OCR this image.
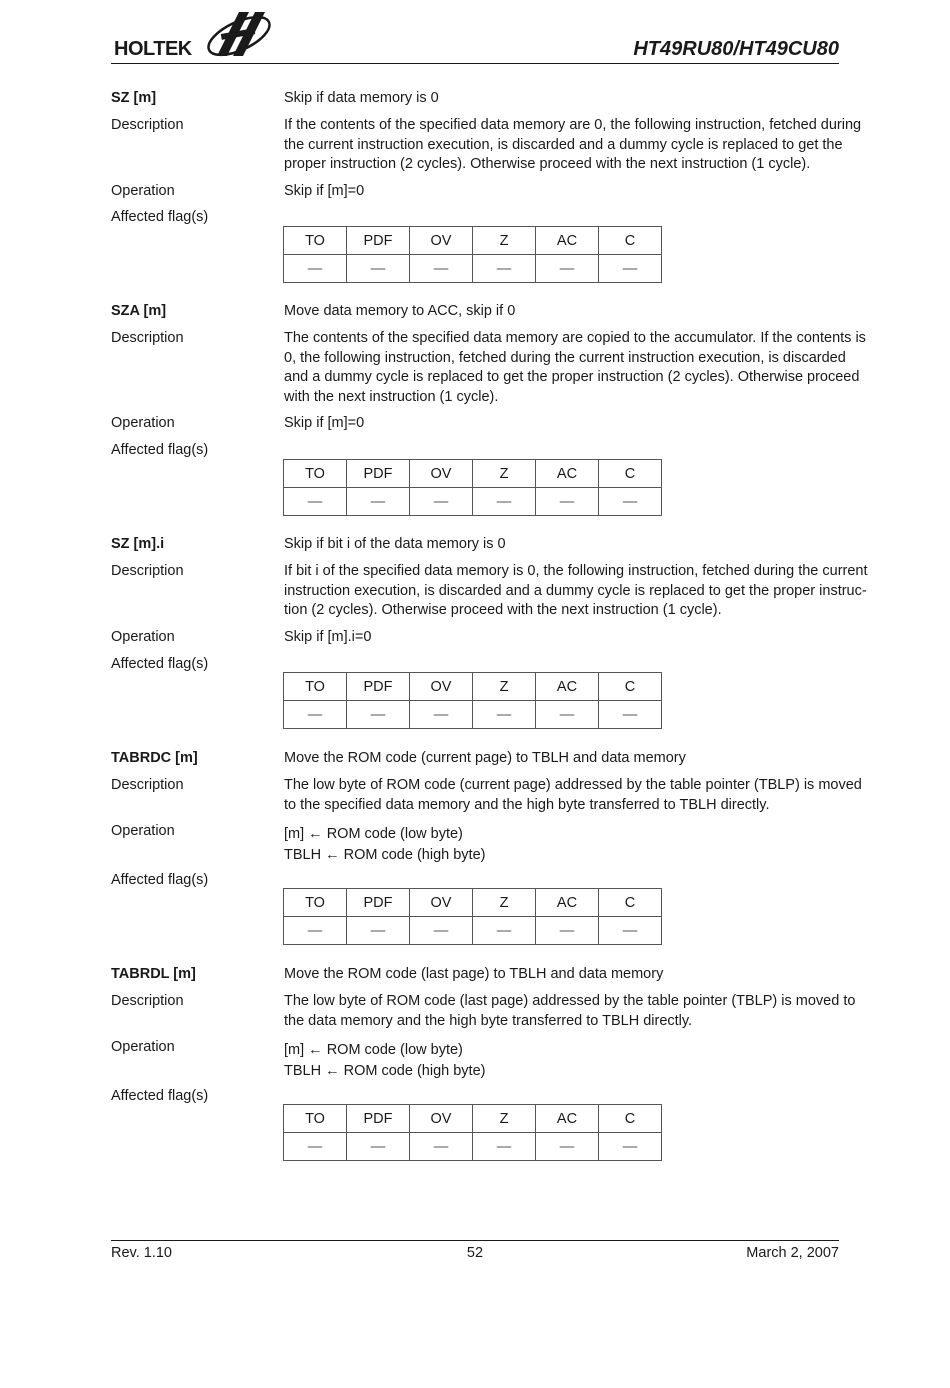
HOLTEK	HT49RU80/HT49CU80
SZ [m]	Skip if data memory is 0
Description	If the contents of the specified data memory are 0, the following instruction, fetched during
the current instruction execution, is discarded and a dummy cycle is replaced to get the
proper instruction (2 cycles). Otherwise proceed with the next instruction (1 cycle).
Operation	Skip if [m]=0
Affected flag(s)
TO	PDF	OV	Z	AC	C
—	—	—	—	—	—
SZA [m]	Move data memory to ACC, skip if 0
Description	The contents of the specified data memory are copied to the accumulator. If the contents is
0, the following instruction, fetched during the current instruction execution, is discarded
and a dummy cycle is replaced to get the proper instruction (2 cycles). Otherwise proceed
with the next instruction (1 cycle).
Operation	Skip if [m]=0
Affected flag(s)
TO	PDF	OV	Z	AC	C
—	—	—	—	—	—
SZ [m].i	Skip if bit i of the data memory is 0
Description	If bit i of the specified data memory is 0, the following instruction, fetched during the current
instruction execution, is discarded and a dummy cycle is replaced to get the proper instruc-
tion (2 cycles). Otherwise proceed with the next instruction (1 cycle).
Operation	Skip if [m].i=0
Affected flag(s)
TO	PDF	OV	Z	AC	C
—	—	—	—	—	—
TABRDC [m]	Move the ROM code (current page) to TBLH and data memory
Description	The low byte of ROM code (current page) addressed by the table pointer (TBLP) is moved
to the specified data memory and the high byte transferred to TBLH directly.
Operation	[m] ← ROM code (low byte)
TBLH ← ROM code (high byte)
Affected flag(s)
TO	PDF	OV	Z	AC	C
—	—	—	—	—	—
TABRDL [m]	Move the ROM code (last page) to TBLH and data memory
Description	The low byte of ROM code (last page) addressed by the table pointer (TBLP) is moved to
the data memory and the high byte transferred to TBLH directly.
Operation	[m] ← ROM code (low byte)
TBLH ← ROM code (high byte)
Affected flag(s)
TO	PDF	OV	Z	AC	C
—	—	—	—	—	—
Rev. 1.10	52	March 2, 2007
